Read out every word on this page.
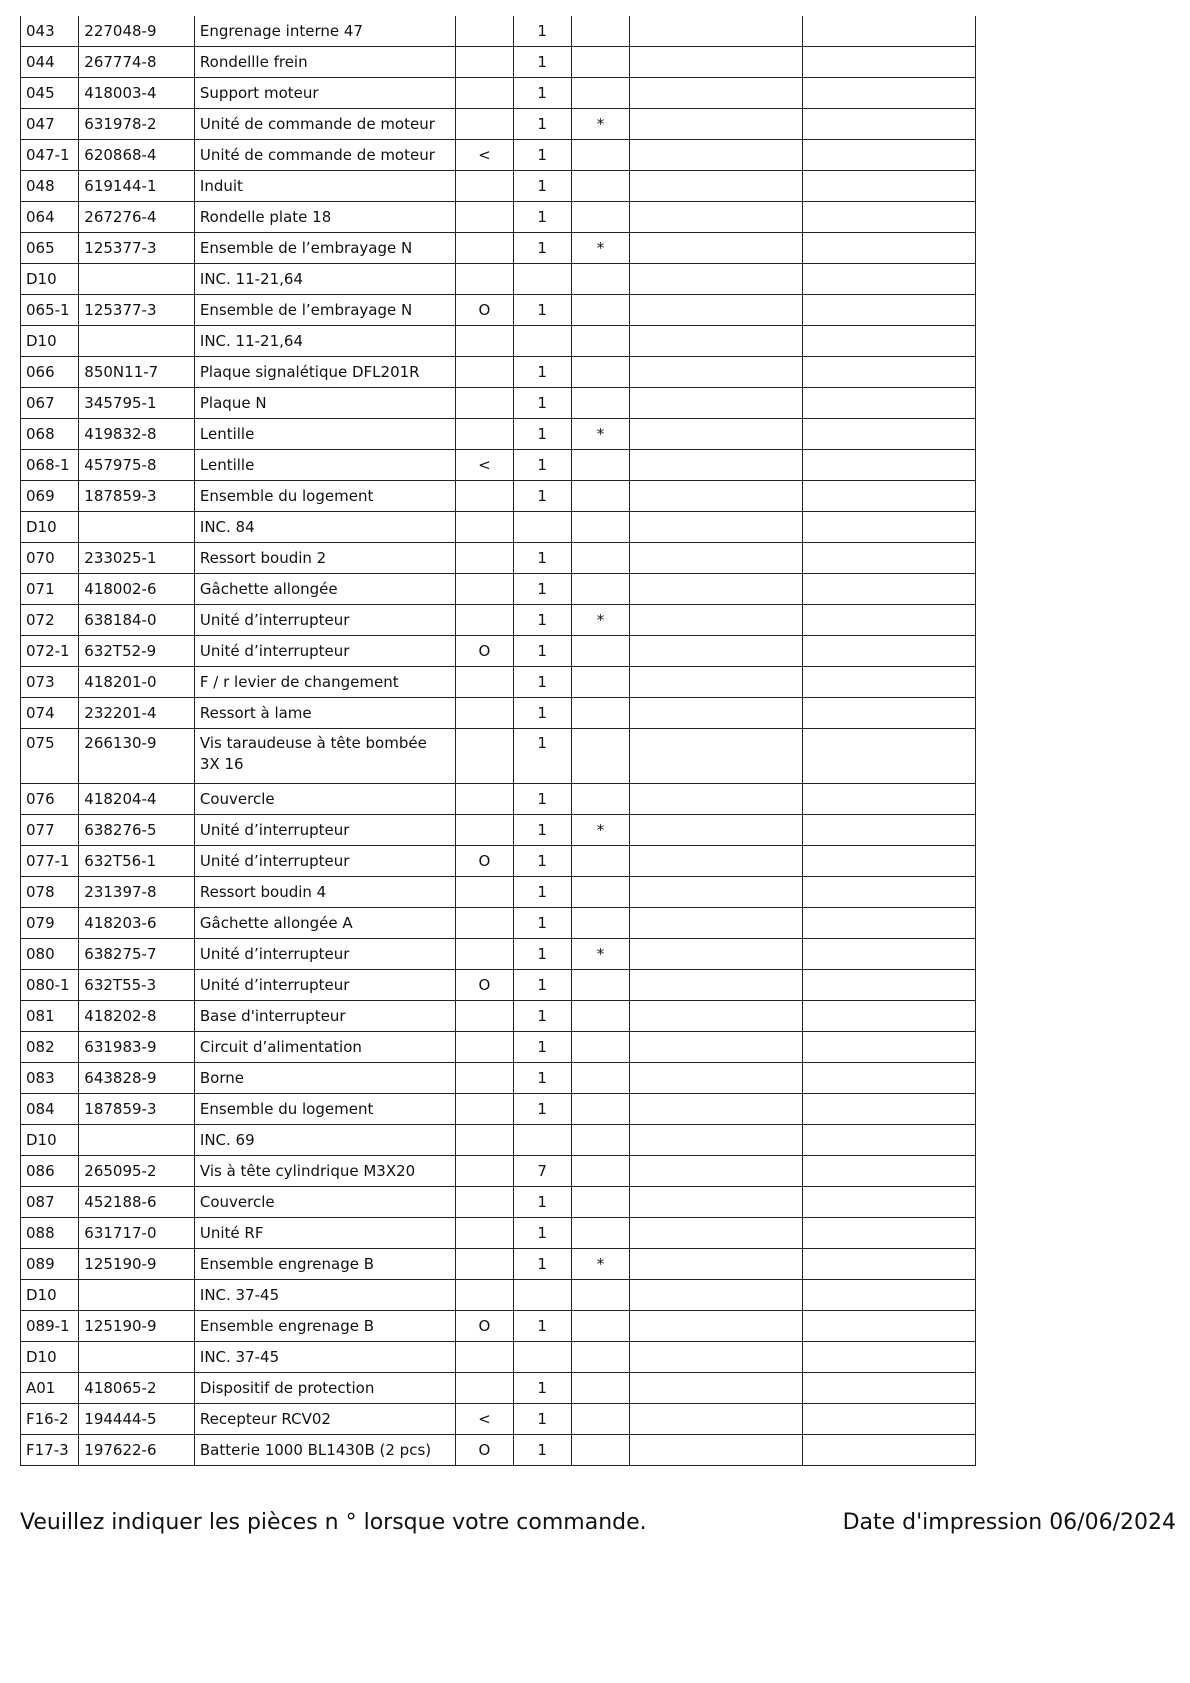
043	227048-9	Engrenage interne 47		1			
044	267774-8	Rondellle frein		1			
045	418003-4	Support moteur		1			
047	631978-2	Unité de commande de moteur		1	*		
047-1	620868-4	Unité de commande de moteur	<	1			
048	619144-1	Induit		1			
064	267276-4	Rondelle plate 18		1			
065	125377-3	Ensemble de l’embrayage N		1	*		
D10		INC. 11-21,64					
065-1	125377-3	Ensemble de l’embrayage N	O	1			
D10		INC. 11-21,64					
066	850N11-7	Plaque signalétique DFL201R		1			
067	345795-1	Plaque N		1			
068	419832-8	Lentille		1	*		
068-1	457975-8	Lentille	<	1			
069	187859-3	Ensemble du logement		1			
D10		INC. 84					
070	233025-1	Ressort boudin 2		1			
071	418002-6	Gâchette allongée		1			
072	638184-0	Unité d’interrupteur		1	*		
072-1	632T52-9	Unité d’interrupteur	O	1			
073	418201-0	F / r levier de changement		1			
074	232201-4	Ressort à lame		1			
075	266130-9	Vis taraudeuse à tête bombée 3X 16		1			
076	418204-4	Couvercle		1			
077	638276-5	Unité d’interrupteur		1	*		
077-1	632T56-1	Unité d’interrupteur	O	1			
078	231397-8	Ressort boudin 4		1			
079	418203-6	Gâchette allongée A		1			
080	638275-7	Unité d’interrupteur		1	*		
080-1	632T55-3	Unité d’interrupteur	O	1			
081	418202-8	Base d'interrupteur		1			
082	631983-9	Circuit d’alimentation		1			
083	643828-9	Borne		1			
084	187859-3	Ensemble du logement		1			
D10		INC. 69					
086	265095-2	Vis à tête cylindrique M3X20		7			
087	452188-6	Couvercle		1			
088	631717-0	Unité RF		1			
089	125190-9	Ensemble engrenage B		1	*		
D10		INC. 37-45					
089-1	125190-9	Ensemble engrenage B	O	1			
D10		INC. 37-45					
A01	418065-2	Dispositif de protection		1			
F16-2	194444-5	Recepteur RCV02	<	1			
F17-3	197622-6	Batterie 1000 BL1430B (2 pcs)	O	1			
Veuillez indiquer les pièces n ° lorsque votre commande.	Date d'impression 06/06/2024
